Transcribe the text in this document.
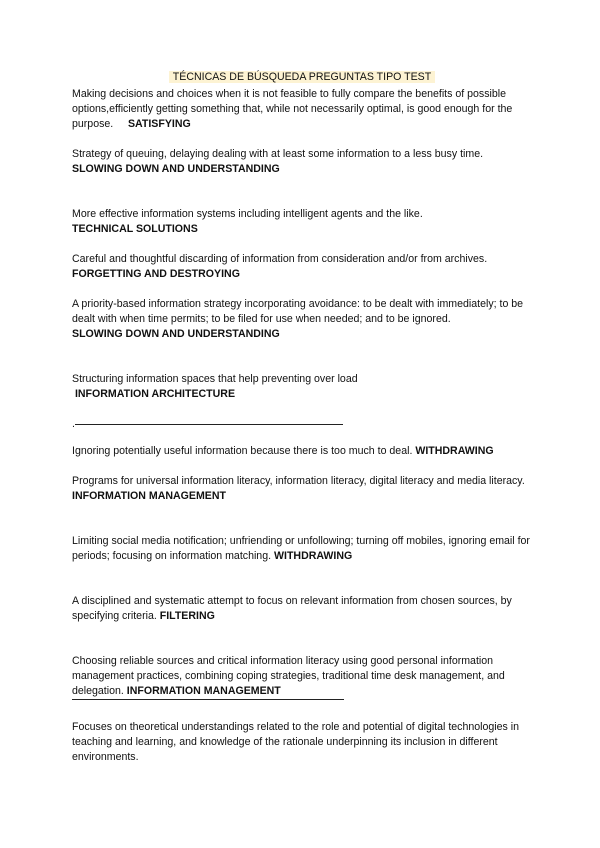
TÉCNICAS DE BÚSQUEDA PREGUNTAS TIPO TEST

Making decisions and choices when it is not feasible to fully compare the benefits of possible options,efficiently getting something that, while not necessarily optimal, is good enough for the purpose. SATISFYING

Strategy of queuing, delaying dealing with at least some information to a less busy time.
SLOWING DOWN AND UNDERSTANDING

More effective information systems including intelligent agents and the like.
TECHNICAL SOLUTIONS

Careful and thoughtful discarding of information from consideration and/or from archives.
FORGETTING AND DESTROYING

A priority-based information strategy incorporating avoidance: to be dealt with immediately; to be dealt with when time permits; to be filed for use when needed; and to be ignored.
SLOWING DOWN AND UNDERSTANDING

Structuring information spaces that help preventing over load
INFORMATION ARCHITECTURE

.

Ignoring potentially useful information because there is too much to deal. WITHDRAWING

Programs for universal information literacy, information literacy, digital literacy and media literacy. INFORMATION MANAGEMENT

Limiting social media notification; unfriending or unfollowing; turning off mobiles, ignoring email for periods; focusing on information matching. WITHDRAWING

A disciplined and systematic attempt to focus on relevant information from chosen sources, by specifying criteria. FILTERING

Choosing reliable sources and critical information literacy using good personal information management practices, combining coping strategies, traditional time desk management, and delegation. INFORMATION MANAGEMENT

Focuses on theoretical understandings related to the role and potential of digital technologies in teaching and learning, and knowledge of the rationale underpinning its inclusion in different environments.
